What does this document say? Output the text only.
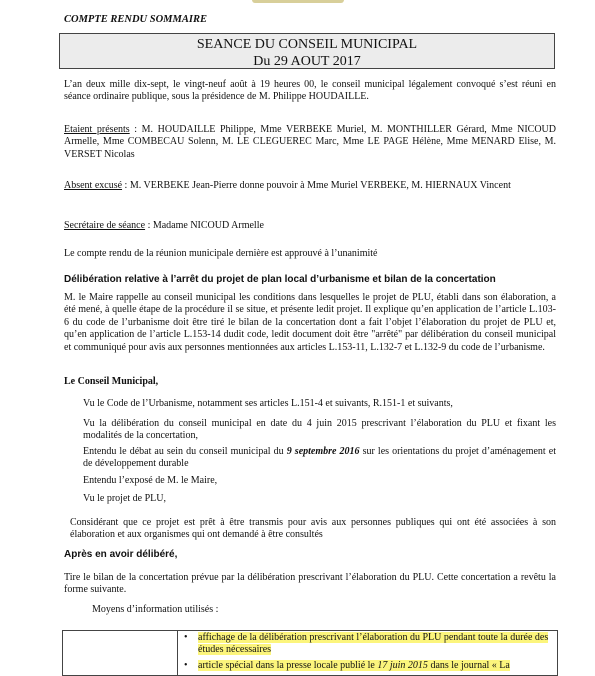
COMPTE RENDU SOMMAIRE
SEANCE DU CONSEIL MUNICIPAL
Du 29 AOUT 2017

L’an deux mille dix-sept, le vingt-neuf août à 19 heures 00, le conseil municipal légalement convoqué s’est réuni en séance ordinaire publique, sous la présidence de M. Philippe HOUDAILLE.

Etaient présents : M. HOUDAILLE Philippe, Mme VERBEKE Muriel, M. MONTHILLER Gérard, Mme NICOUD Armelle, Mme COMBECAU Solenn, M. LE CLEGUEREC Marc, Mme LE PAGE Hélène, Mme MENARD Elise, M. VERSET Nicolas

Absent excusé : M. VERBEKE Jean-Pierre donne pouvoir à Mme Muriel VERBEKE, M. HIERNAUX Vincent

Secrétaire de séance : Madame NICOUD Armelle

Le compte rendu de la réunion municipale dernière est approuvé à l’unanimité

Délibération relative à l’arrêt du projet de plan local d’urbanisme et bilan de la concertation

M. le Maire rappelle au conseil municipal les conditions dans lesquelles le projet de PLU, établi dans son élaboration, a été mené, à quelle étape de la procédure il se situe, et présente ledit projet. Il explique qu’en application de l’article L.103-6 du code de l’urbanisme doit être tiré le bilan de la concertation dont a fait l’objet l’élaboration du projet de PLU et, qu’en application de l’article L.153-14 dudit code, ledit document doit être "arrêté" par délibération du conseil municipal et communiqué pour avis aux personnes mentionnées aux articles L.153-11, L.132-7 et L.132-9 du code de l’urbanisme.

Le Conseil Municipal,

Vu le Code de l’Urbanisme, notamment ses articles L.151-4 et suivants, R.151-1 et suivants,

Vu la délibération du conseil municipal en date du 4 juin 2015 prescrivant l’élaboration du PLU et fixant les modalités de la concertation,

Entendu le débat au sein du conseil municipal du 9 septembre 2016 sur les orientations du projet d’aménagement et de développement durable

Entendu l’exposé de M. le Maire,

Vu le projet de PLU,

Considérant que ce projet est prêt à être transmis pour avis aux personnes publiques qui ont été associées à son élaboration et aux organismes qui ont demandé à être consultés

Après en avoir délibéré,

Tire le bilan de la concertation prévue par la délibération prescrivant l’élaboration du PLU. Cette concertation a revêtu la forme suivante.

Moyens d’information utilisés :

• affichage de la délibération prescrivant l’élaboration du PLU pendant toute la durée des études nécessaires
• article spécial dans la presse locale publié le 17 juin 2015 dans le journal « La
